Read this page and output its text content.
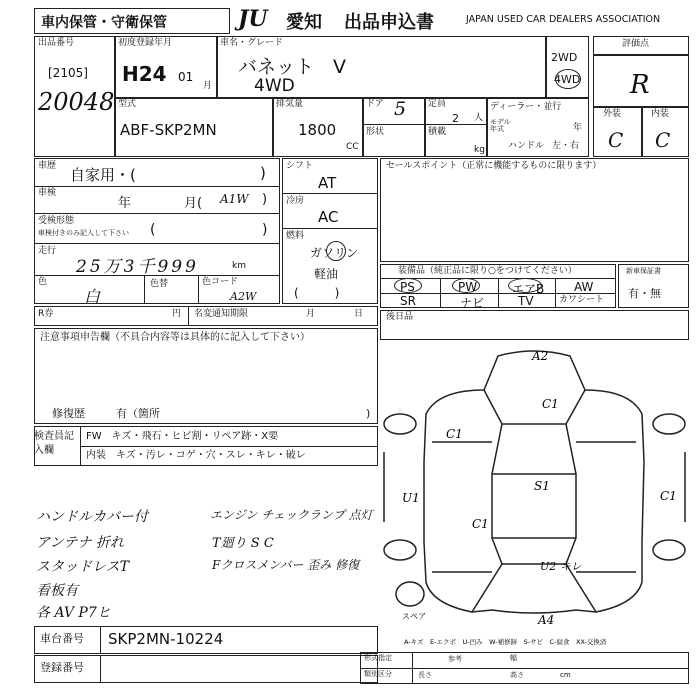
車内保管・守衛保管	JU 愛知 出品申込書	JAPAN USED CAR DEALERS ASSOCIATION
出品番号
[2105]
20048
初度登録年月
H24 01
月
車名・グレード
バネット　V
4WD
2WD
4WD
型式
ABF-SKP2MN
排気量
1800
CC
ドア 5
形状
定員
2 人
積載
kg
ディーラー・並行
モデル年式	年
ハンドル 左・右
評価点
R
外装	内装
C C
車歴 自家用・(	)
車検
年	月( A1W )
受検形態
車検付きのみ記入して下さい (	)
走行
25万3千999	km
色
白
色替	色コード
A2W
シフト
AT
冷房
AC
燃料
ガソリン
軽油
(　　　)
セールスポイント（正常に機能するものに限ります）
装備品（純正品に限り○をつけてください）
PS	PW	エアB AW
SR	ナビ	TV	カワシート
新車保証書
有・無
R券	円 名変通知期限	月	日	後日品
注意事項申告欄（不具合内容等は具体的に記入して下さい）
修復歴	有（箇所	)
検査員記入欄
FW　キズ・飛石・ヒビ割・リペア跡・X要
内装　キズ・汚レ・コゲ・穴・スレ・キレ・破レ
ハンドルカバー付
アンテナ 折れ
スタッドレスT
看板有
各 AV P7ヒ
エンジン チェックランプ 点灯
T廻り S C
Fクロスメンバー 歪み 修復
A2
C1
C1
S1
U1	C1
C1
U2 キレ
A4
スペア
A-キズ　E-エクボ　U-凹み　W-補修跡　S-サビ　C-腐食　XX-交換済
車台番号 SKP2MN-10224
登録番号
形式指定
類別区分
参考
長さ
幅
高さ	cm
